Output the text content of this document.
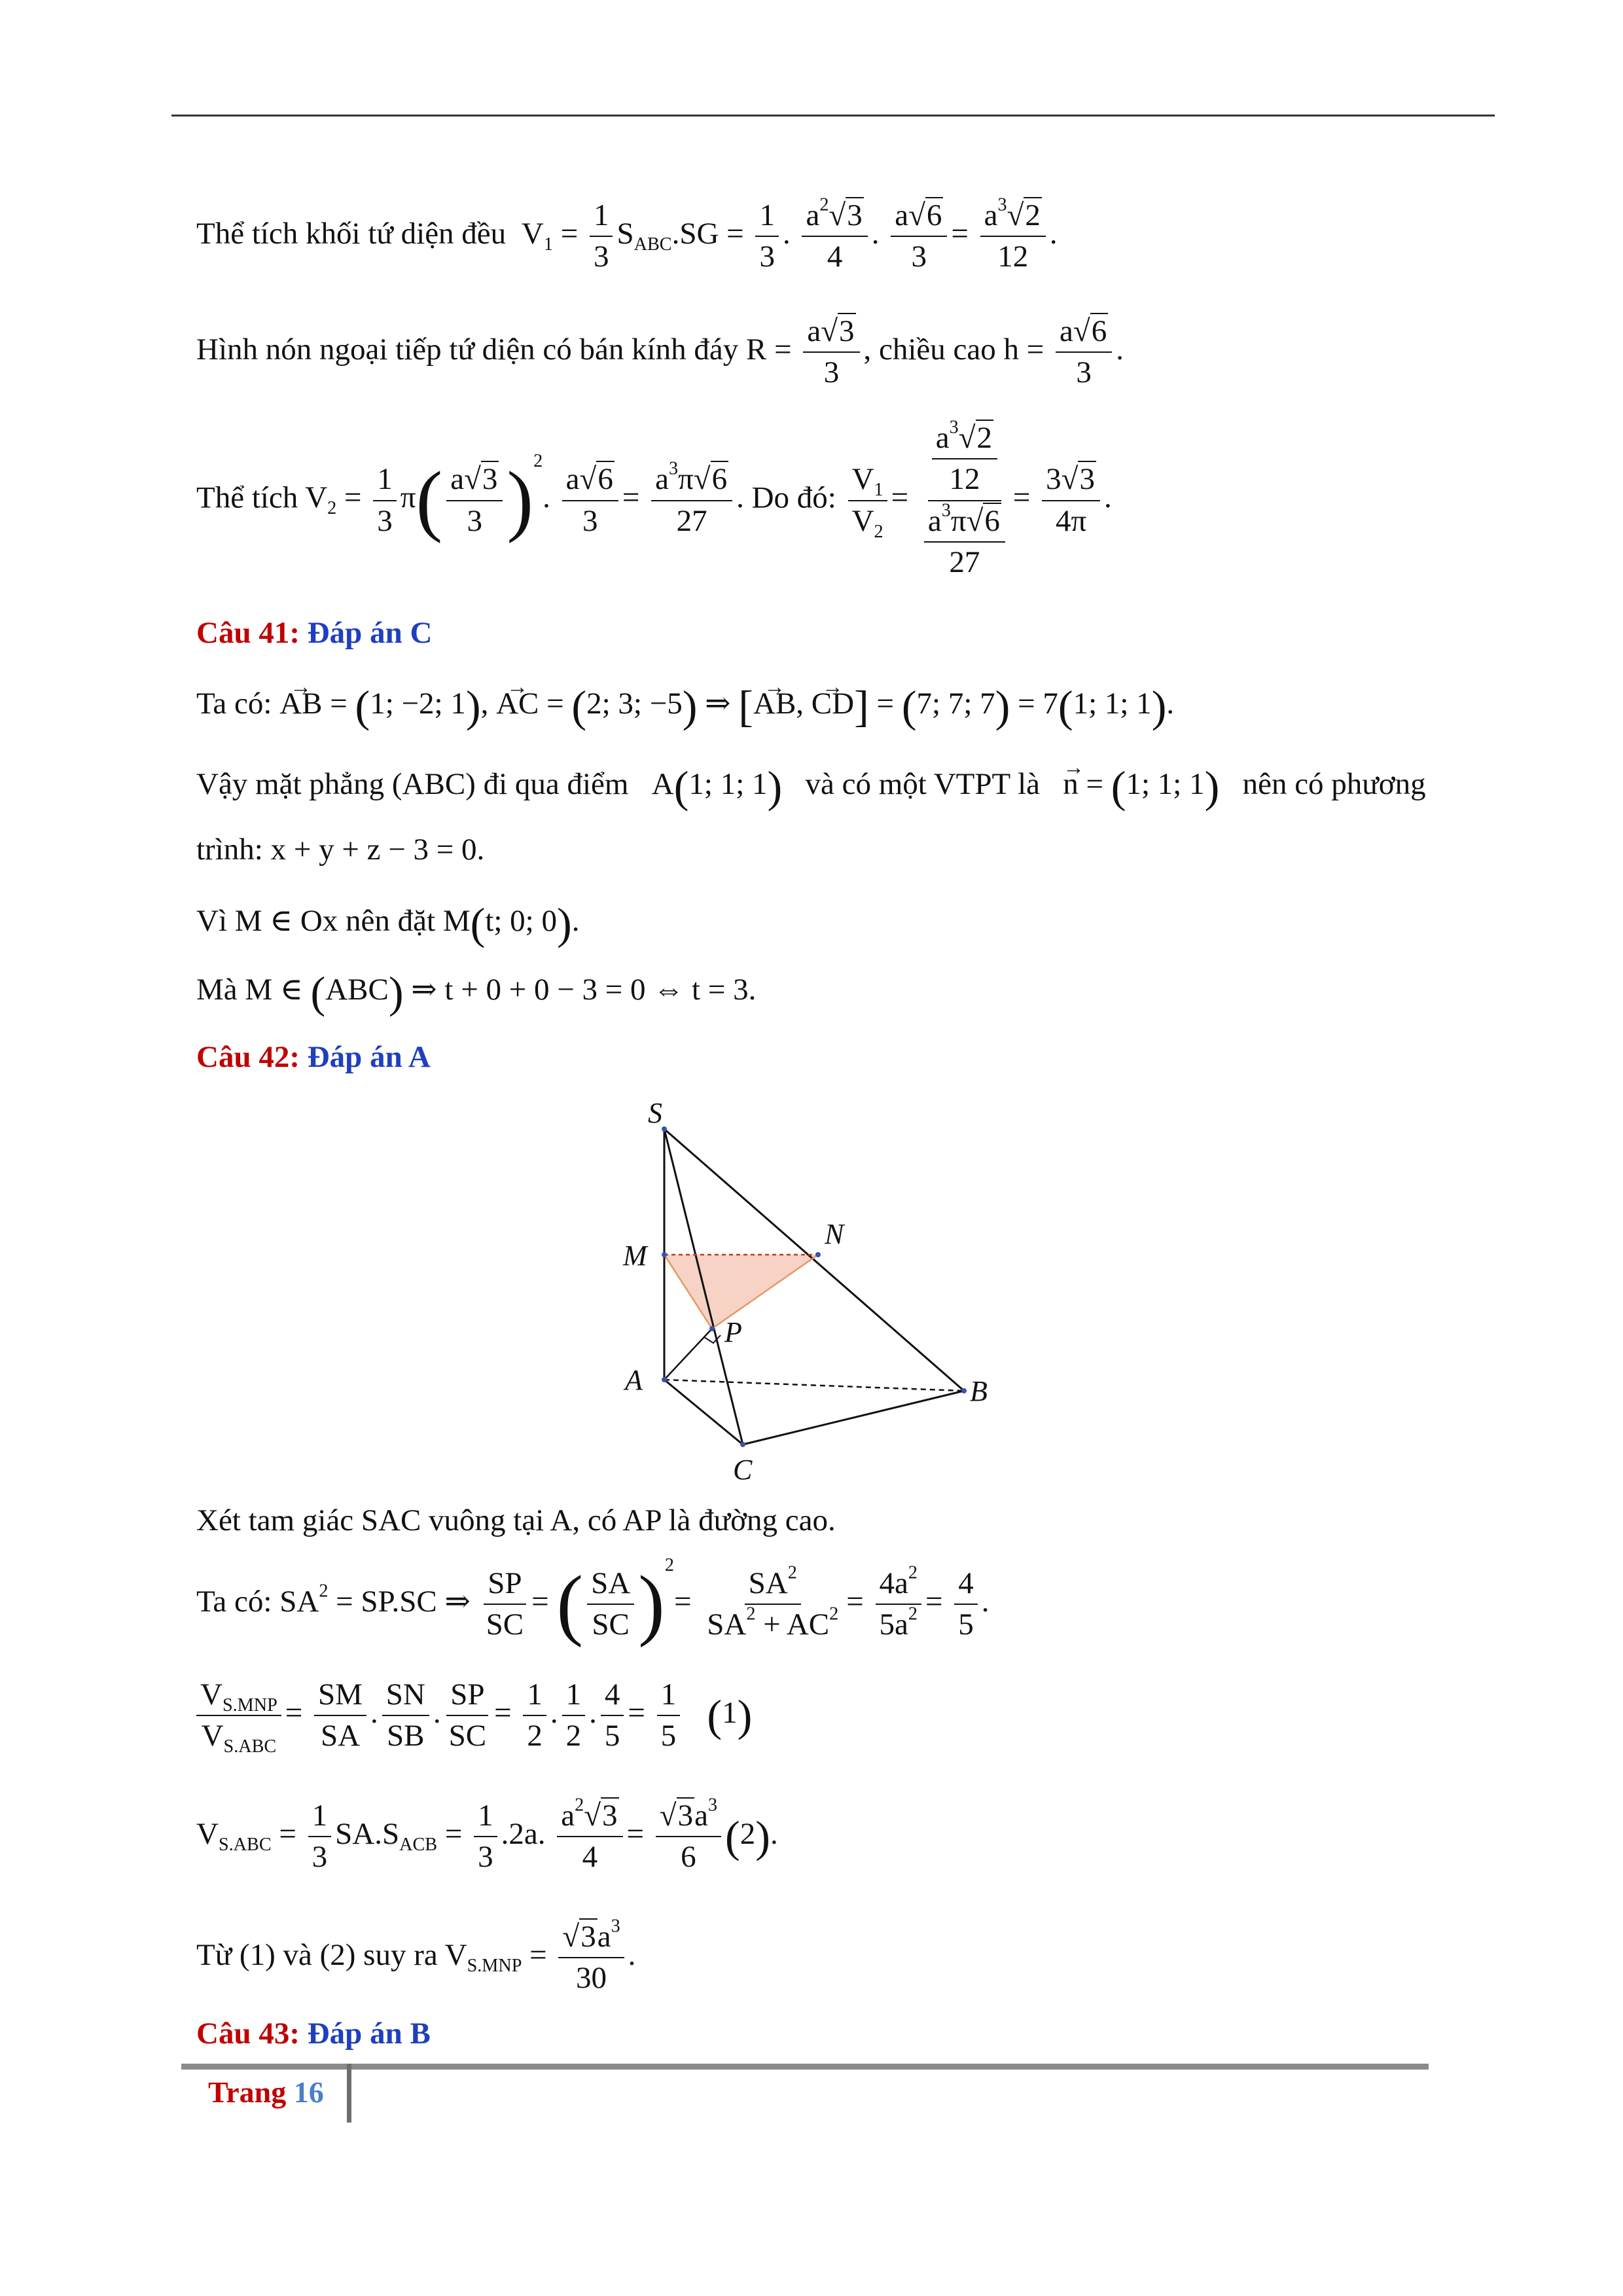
Thể tích khối tứ diện đều $V_1 = \frac{1}{3} S_{ABC}.SG = \frac{1}{3}$ . $\frac{a^2√3}{4}$ . $\frac{a√6}{3} = \frac{a^3√2}{12}$ .
Hình nón ngoại tiếp tứ diện có bán kính đáy $R = \frac{a√3}{3}$ , chiều cao $h = \frac{a√6}{3}$ .
Thể tích $V_2 = \frac{1}{3} \pi( \frac{a√3}{3} )^2$. $\frac{a√6}{3} = \frac{a^3\pi√6}{27}$ . Do đó: $\frac{V_1}{V_2} = \frac{\frac{a^3√2}{12}}{\frac{a^3\pi√6}{27}} = \frac{3√3}{4\pi}$ .
Câu 41: Đáp án C
Ta có: → AB = (1; −2; 1), → AC = (2; 3; −5) ⇒ [→ AB, → CD] = (7; 7; 7) = 7(1; 1; 1).
Vậy mặt phẳng (ABC) đi qua điểm   A(1; 1; 1) và có một VTPT là → n = (1; 1; 1) nên có phương
trình: x + y + z − 3 = 0.
Vì M ∈ Ox nên đặt M(t; 0; 0).
Mà M ∈ (ABC) ⇒ t + 0 + 0 − 3 = 0 ⇔ t = 3.
Câu 42: Đáp án A
S
M
N
P
A	B
C
Xét tam giác SAC vuông tại A, có AP là đường cao.
Ta có: $SA^2 = SP.SC$ ⇒ $\frac{SP}{SC}$ = ( $\frac{SA}{SC} )^2= \frac{SA^2}{SA^2 + AC^2} = \frac{4a^2}{5a^2} = \frac{4}{5}$ .
$\frac{V_{S.MNP}}{V_{S.ABC}} = \frac{SM}{SA}$ . $\frac{SN}{SB}$ . $\frac{SP}{SC} = \frac{1}{2}$ . $\frac{1}{2}$ . $\frac{4}{5} = \frac{1}{5} (1)$
$V_{S.ABC} = \frac{1}{3} SA.S_{ACB} = \frac{1}{3} .2a$. $\frac{a^2√3}{4} = \frac{√3a^3}{6} (2)$.
Từ (1) và (2) suy ra $V_{S.MNP} = \frac{√3a^3}{30}$ .
Câu 43: Đáp án B
Trang 16
